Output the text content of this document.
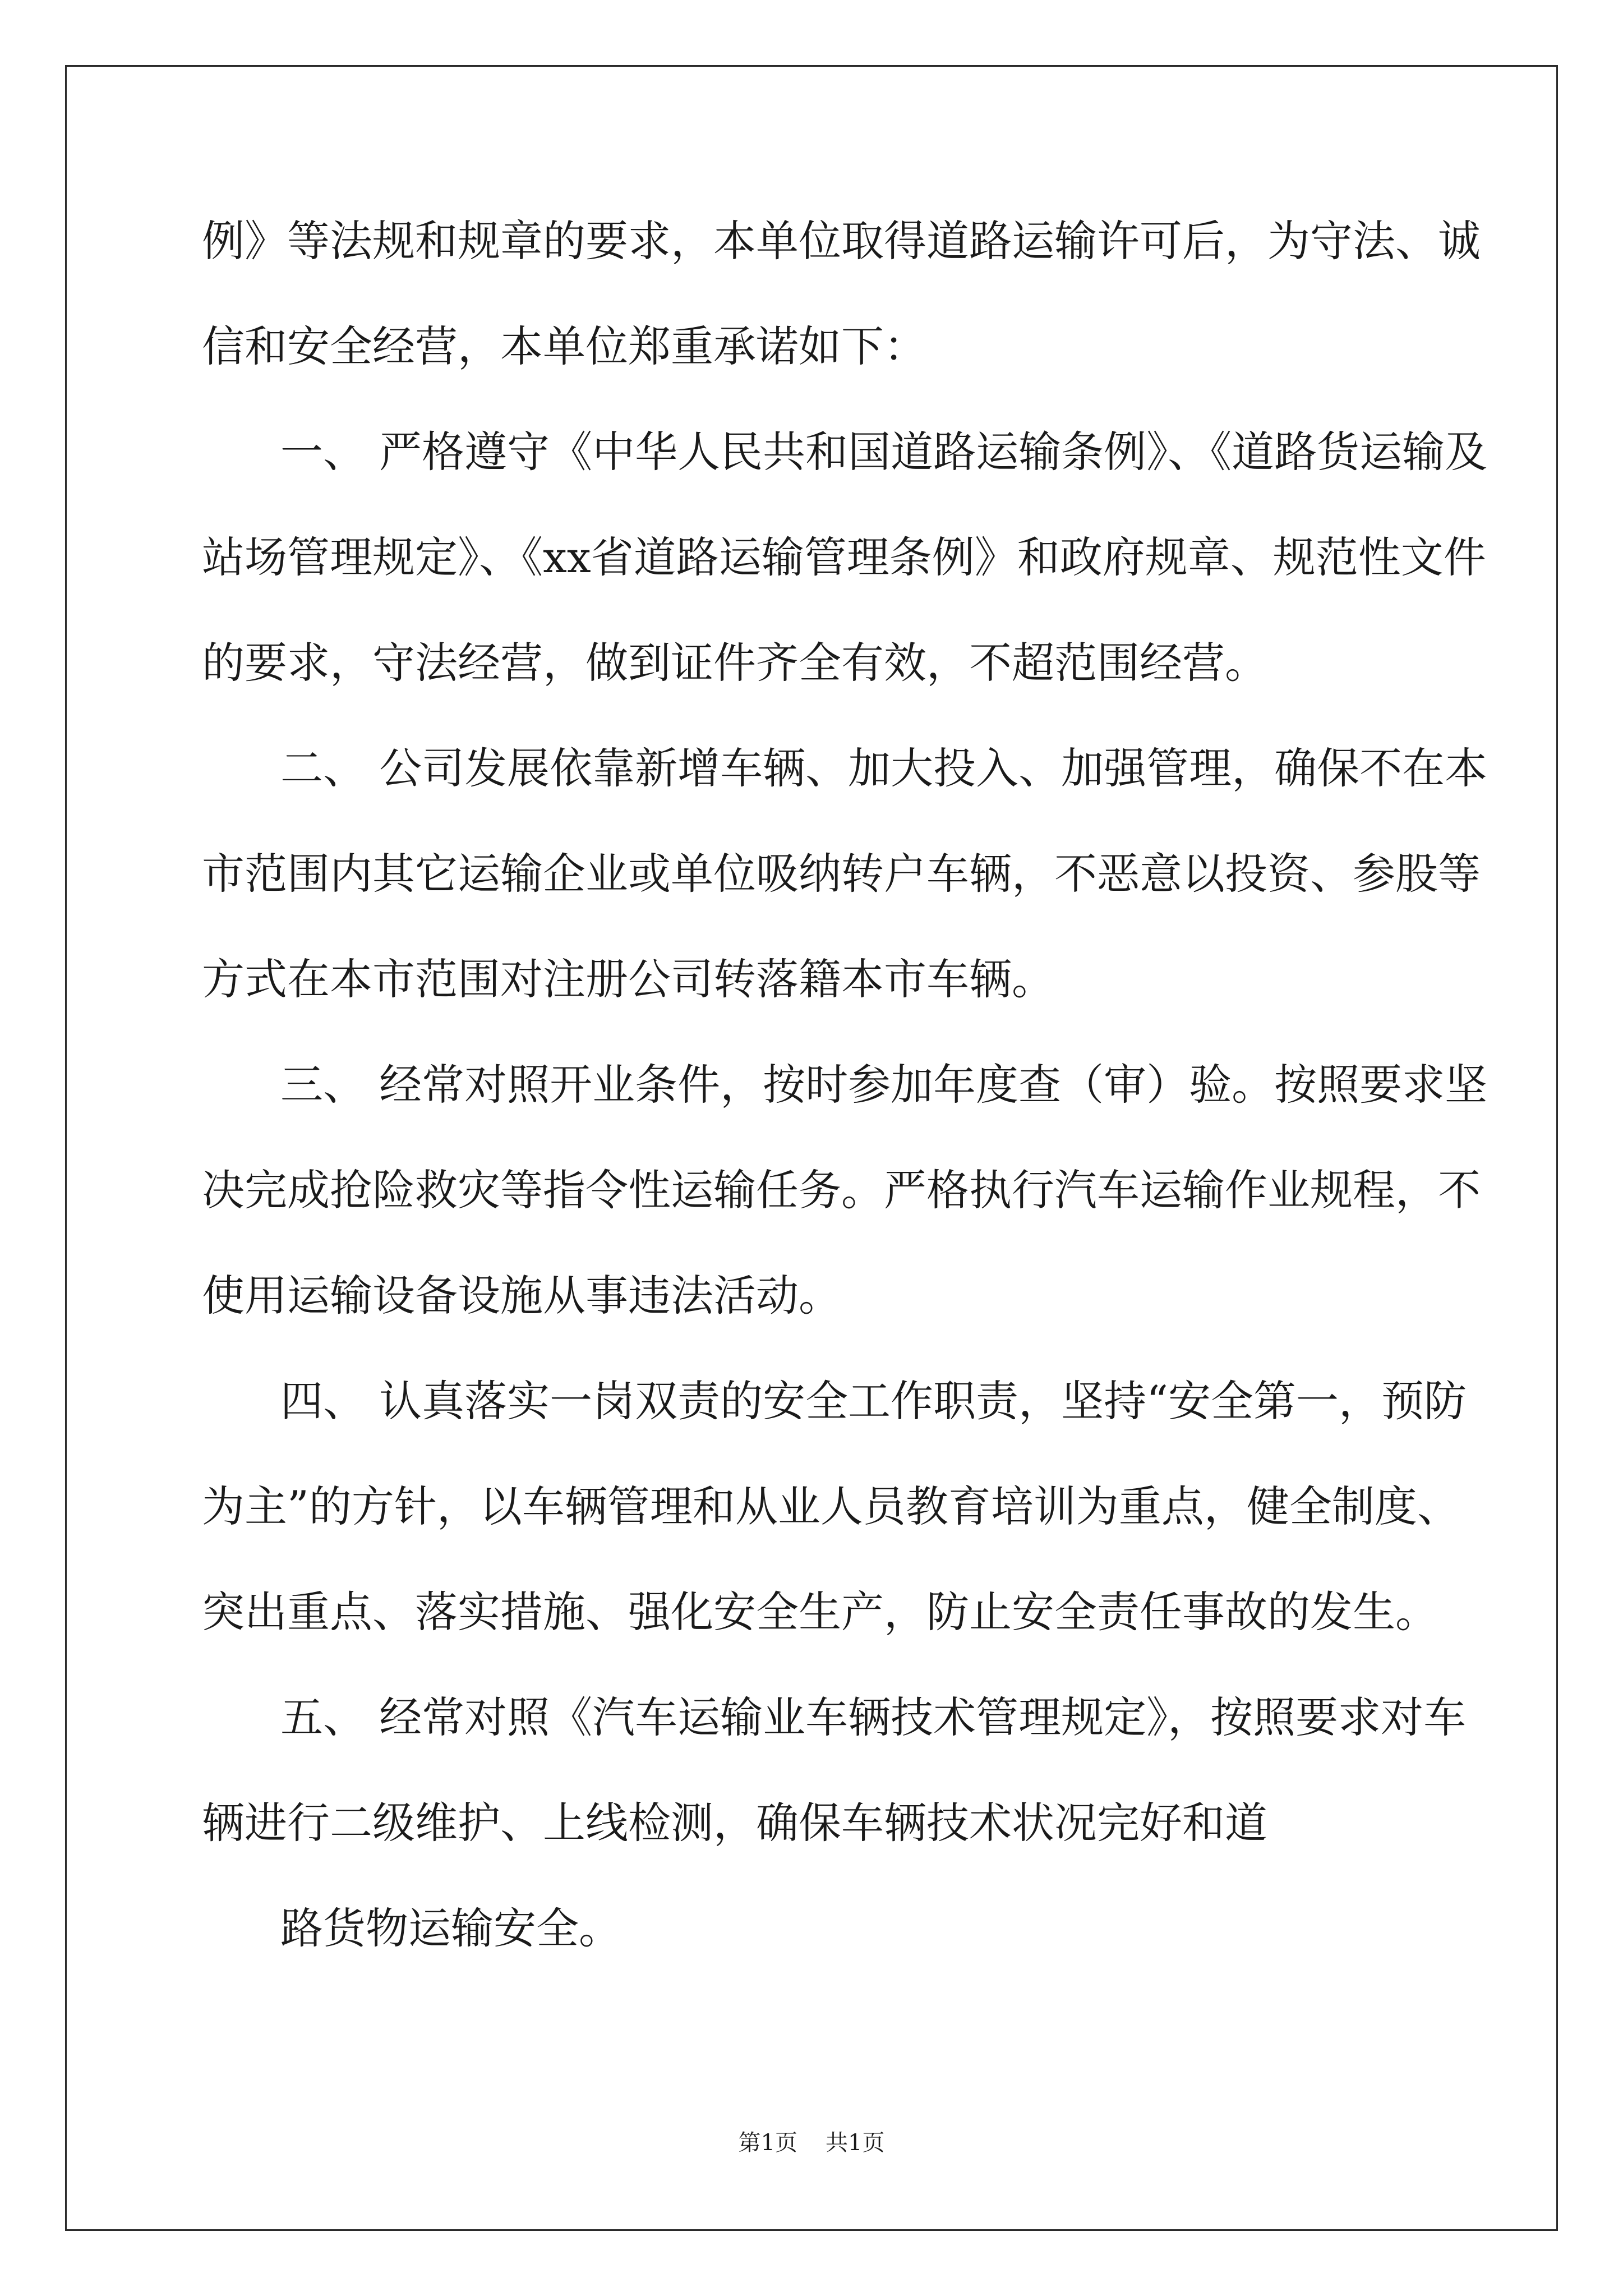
例》等法规和规章的要求，本单位取得道路运输许可后，为守法、诚
信和安全经营，本单位郑重承诺如下：
一、 严格遵守《中华人民共和国道路运输条例》、《道路货运输及
站场管理规定》、《xx省道路运输管理条例》和政府规章、规范性文件
的要求，守法经营，做到证件齐全有效，不超范围经营。
二、 公司发展依靠新增车辆、加大投入、加强管理，确保不在本
市范围内其它运输企业或单位吸纳转户车辆，不恶意以投资、参股等
方式在本市范围对注册公司转落籍本市车辆。
三、 经常对照开业条件，按时参加年度查（审）验。按照要求坚
决完成抢险救灾等指令性运输任务。严格执行汽车运输作业规程，不
使用运输设备设施从事违法活动。
四、 认真落实一岗双责的安全工作职责，坚持“安全第一，预防
为主”的方针，以车辆管理和从业人员教育培训为重点，健全制度、
突出重点、落实措施、强化安全生产，防止安全责任事故的发生。
五、 经常对照《汽车运输业车辆技术管理规定》，按照要求对车
辆进行二级维护、上线检测，确保车辆技术状况完好和道
路货物运输安全。
第1页 共1页
